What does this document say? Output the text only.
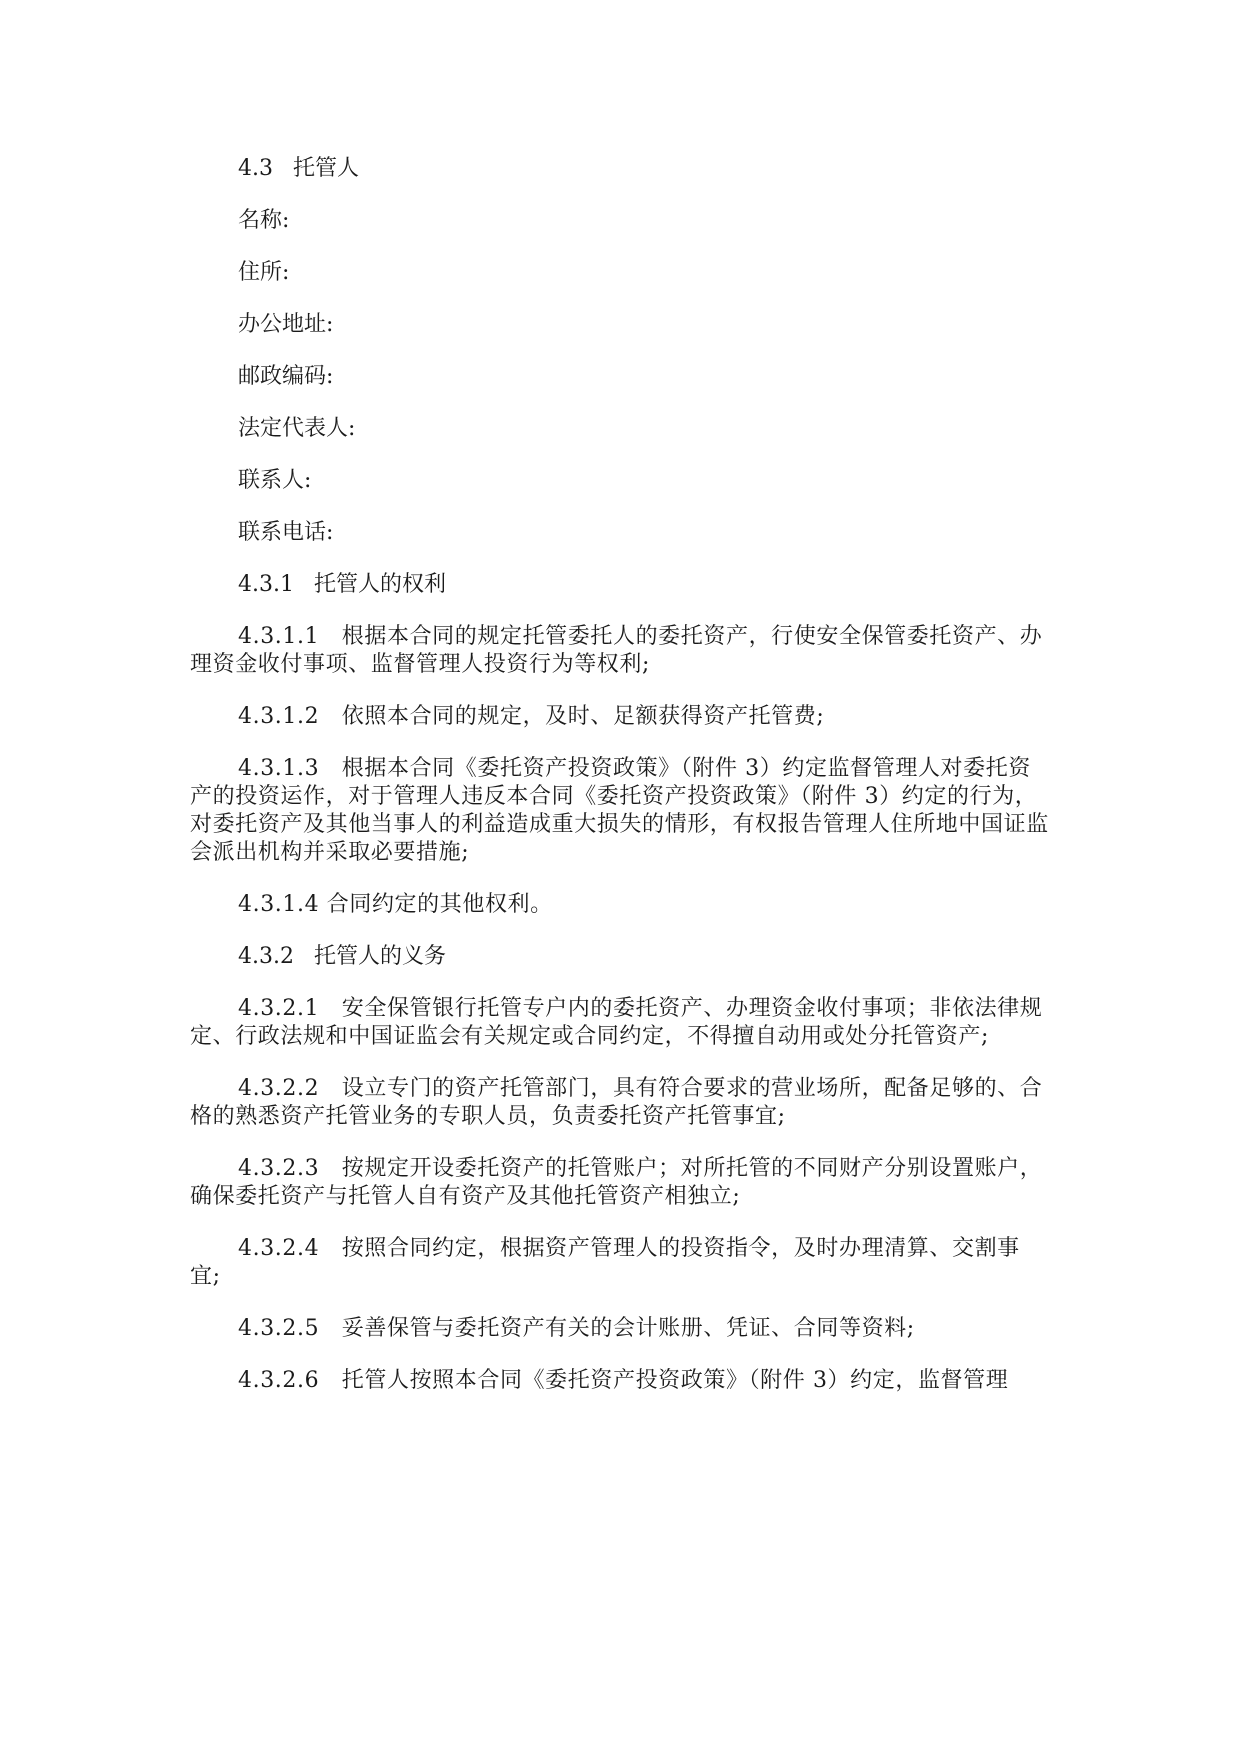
4.3 托管人
名称:
住所:
办公地址:
邮政编码:
法定代表人:
联系人:
联系电话:
4.3.1 托管人的权利
4.3.1.1　根据本合同的规定托管委托人的委托资产，行使安全保管委托资产、办理资金收付事项、监督管理人投资行为等权利;
4.3.1.2　依照本合同的规定，及时、足额获得资产托管费;
4.3.1.3　根据本合同《委托资产投资政策》（附件 3）约定监督管理人对委托资产的投资运作，对于管理人违反本合同《委托资产投资政策》（附件 3）约定的行为，对委托资产及其他当事人的利益造成重大损失的情形，有权报告管理人住所地中国证监会派出机构并采取必要措施;
4.3.1.4 合同约定的其他权利。
4.3.2 托管人的义务
4.3.2.1　安全保管银行托管专户内的委托资产、办理资金收付事项；非依法律规定、行政法规和中国证监会有关规定或合同约定，不得擅自动用或处分托管资产;
4.3.2.2　设立专门的资产托管部门，具有符合要求的营业场所，配备足够的、合格的熟悉资产托管业务的专职人员，负责委托资产托管事宜;
4.3.2.3　按规定开设委托资产的托管账户；对所托管的不同财产分别设置账户，确保委托资产与托管人自有资产及其他托管资产相独立;
4.3.2.4　按照合同约定，根据资产管理人的投资指令，及时办理清算、交割事宜;
4.3.2.5　妥善保管与委托资产有关的会计账册、凭证、合同等资料;
4.3.2.6　托管人按照本合同《委托资产投资政策》（附件 3）约定，监督管理
